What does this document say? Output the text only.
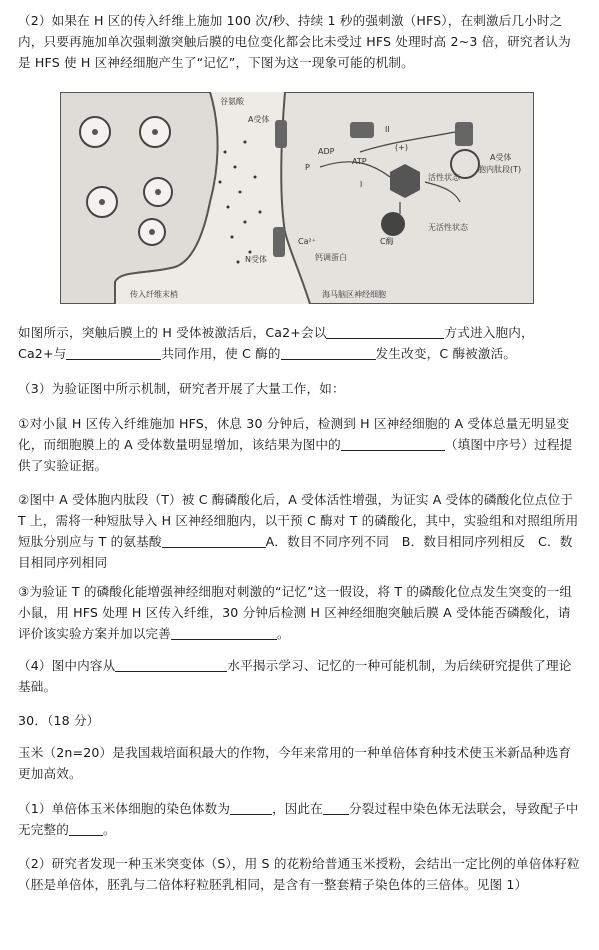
（2）如果在 H 区的传入纤维上施加 100 次/秒、持续 1 秒的强刺激（HFS），在刺激后几小时之内，只要再施加单次强刺激突触后膜的电位变化都会比未受过 HFS 处理时高 2~3 倍，研究者认为是 HFS 使 H 区神经细胞产生了“记忆”，下图为这一现象可能的机制。

谷氨酸
A受体
ADP
ATP
I
II
(+)
A受体
胞内肽段(T)
活性状态
无活性状态
Ca²⁺	C酶
钙调蛋白
N受体
传入纤维末梢	海马脑区神经细胞
P

如图所示，突触后膜上的 H 受体被激活后，Ca2+会以	方式进入胞内，
Ca2+与	共同作用，使 C 酶的	发生改变，C 酶被激活。

（3）为验证图中所示机制，研究者开展了大量工作，如：

①对小鼠 H 区传入纤维施加 HFS，休息 30 分钟后，检测到 H 区神经细胞的 A 受体总量无明显变化，而细胞膜上的 A 受体数量明显增加，该结果为图中的	（填图中序号）过程提供了实验证据。

②图中 A 受体胞内肽段（T）被 C 酶磷酸化后，A 受体活性增强，为证实 A 受体的磷酸化位点位于 T 上，需将一种短肽导入 H 区神经细胞内，以干预 C 酶对 T 的磷酸化，其中，实验组和对照组所用短肽分别应与 T 的氨基酸	A．数目不同序列不同　B．数目相同序列相反　C．数目相同序列相同

③为验证 T 的磷酸化能增强神经细胞对刺激的“记忆”这一假设，将 T 的磷酸化位点发生突变的一组小鼠，用 HFS 处理 H 区传入纤维，30 分钟后检测 H 区神经细胞突触后膜 A 受体能否磷酸化，请评价该实验方案并加以完善	。

（4）图中内容从	水平揭示学习、记忆的一种可能机制，为后续研究提供了理论基础。

30．（18 分）

玉米（2n=20）是我国栽培面积最大的作物，今年来常用的一种单倍体育种技术使玉米新品种选育更加高效。

（1）单倍体玉米体细胞的染色体数为	，因此在 分裂过程中染色体无法联会，导致配子中无完整的	。

（2）研究者发现一种玉米突变体（S），用 S 的花粉给普通玉米授粉，会结出一定比例的单倍体籽粒（胚是单倍体，胚乳与二倍体籽粒胚乳相同，是含有一整套精子染色体的三倍体。见图 1）
